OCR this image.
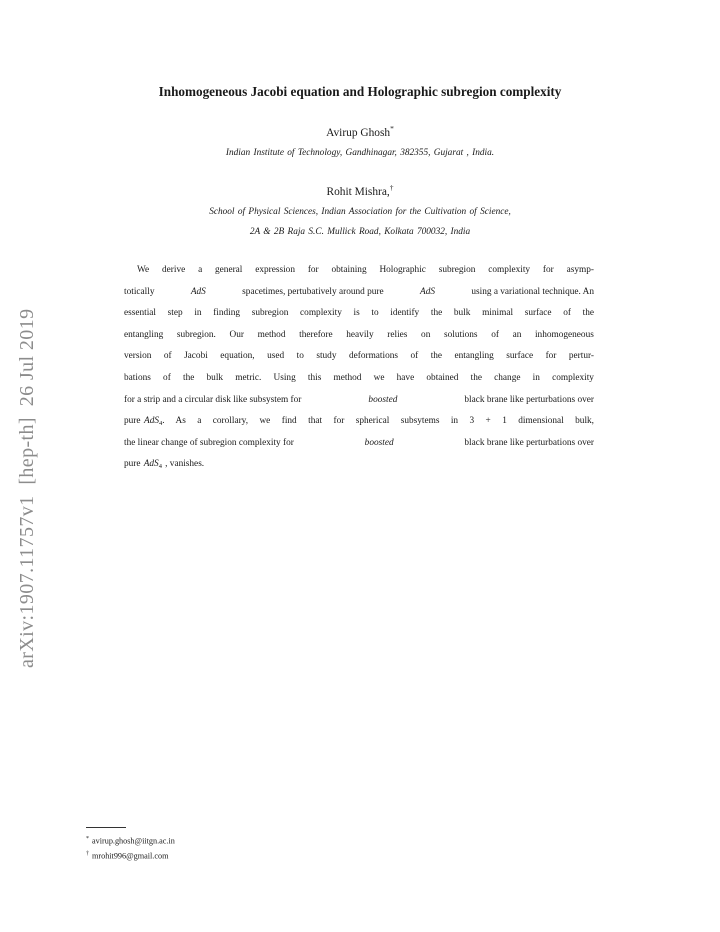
arXiv:1907.11757v1  [hep-th]  26 Jul 2019
Inhomogeneous Jacobi equation and Holographic subregion complexity
Avirup Ghosh*
Indian Institute of Technology, Gandhinagar, 382355, Gujarat , India.
Rohit Mishra,†
School of Physical Sciences, Indian Association for the Cultivation of Science,
2A & 2B Raja S.C. Mullick Road, Kolkata 700032, India
We derive a general expression for obtaining Holographic subregion complexity for asymp-
totically	AdS	spacetimes, pertubatively around pure	AdS	using a variational technique. An
essential step in finding subregion complexity is to identify the bulk minimal surface of the
entangling subregion. Our method therefore heavily relies on solutions of an inhomogeneous
version of Jacobi equation, used to study deformations of the entangling surface for pertur-
bations of the bulk metric. Using this method we have obtained the change in complexity
for a strip and a circular disk like subsystem for	boosted	black brane like perturbations over
pure AdS$_4$. As a corollary, we find that for spherical subsytems in 3 + 1 dimensional bulk,
the linear change of subregion complexity for	boosted	black brane like perturbations over
pure AdS$_4$ , vanishes.
* avirup.ghosh@iitgn.ac.in
† mrohit996@gmail.com
